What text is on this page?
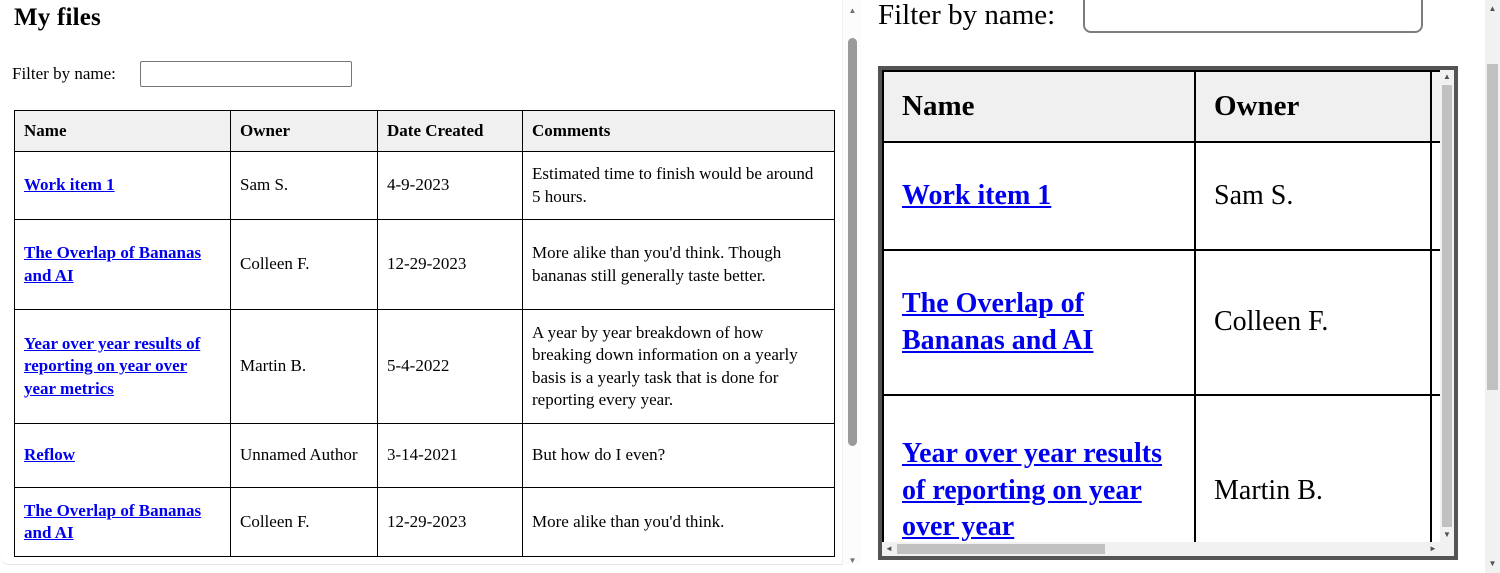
My files
Filter by name:
Name	Owner	Date Created	Comments
Work item 1	Sam S.	4-9-2023	Estimated time to finish would be around 5 hours.
The Overlap of Bananas and AI	Colleen F.	12-29-2023	More alike than you'd think. Though bananas still generally taste better.
Year over year results of reporting on year over year metrics	Martin B.	5-4-2022	A year by year breakdown of how breaking down information on a yearly basis is a yearly task that is done for reporting every year.
Reflow	Unnamed Author	3-14-2021	But how do I even?
The Overlap of Bananas and AI	Colleen F.	12-29-2023	More alike than you'd think.
▲
▼
Filter by name:
Name	Owner	
Work item 1	Sam S.	
The Overlap of Bananas and AI	Colleen F.	
Year over year results of reporting on year over year	Martin B.	
▲
▼
◄	►
▲
▼
